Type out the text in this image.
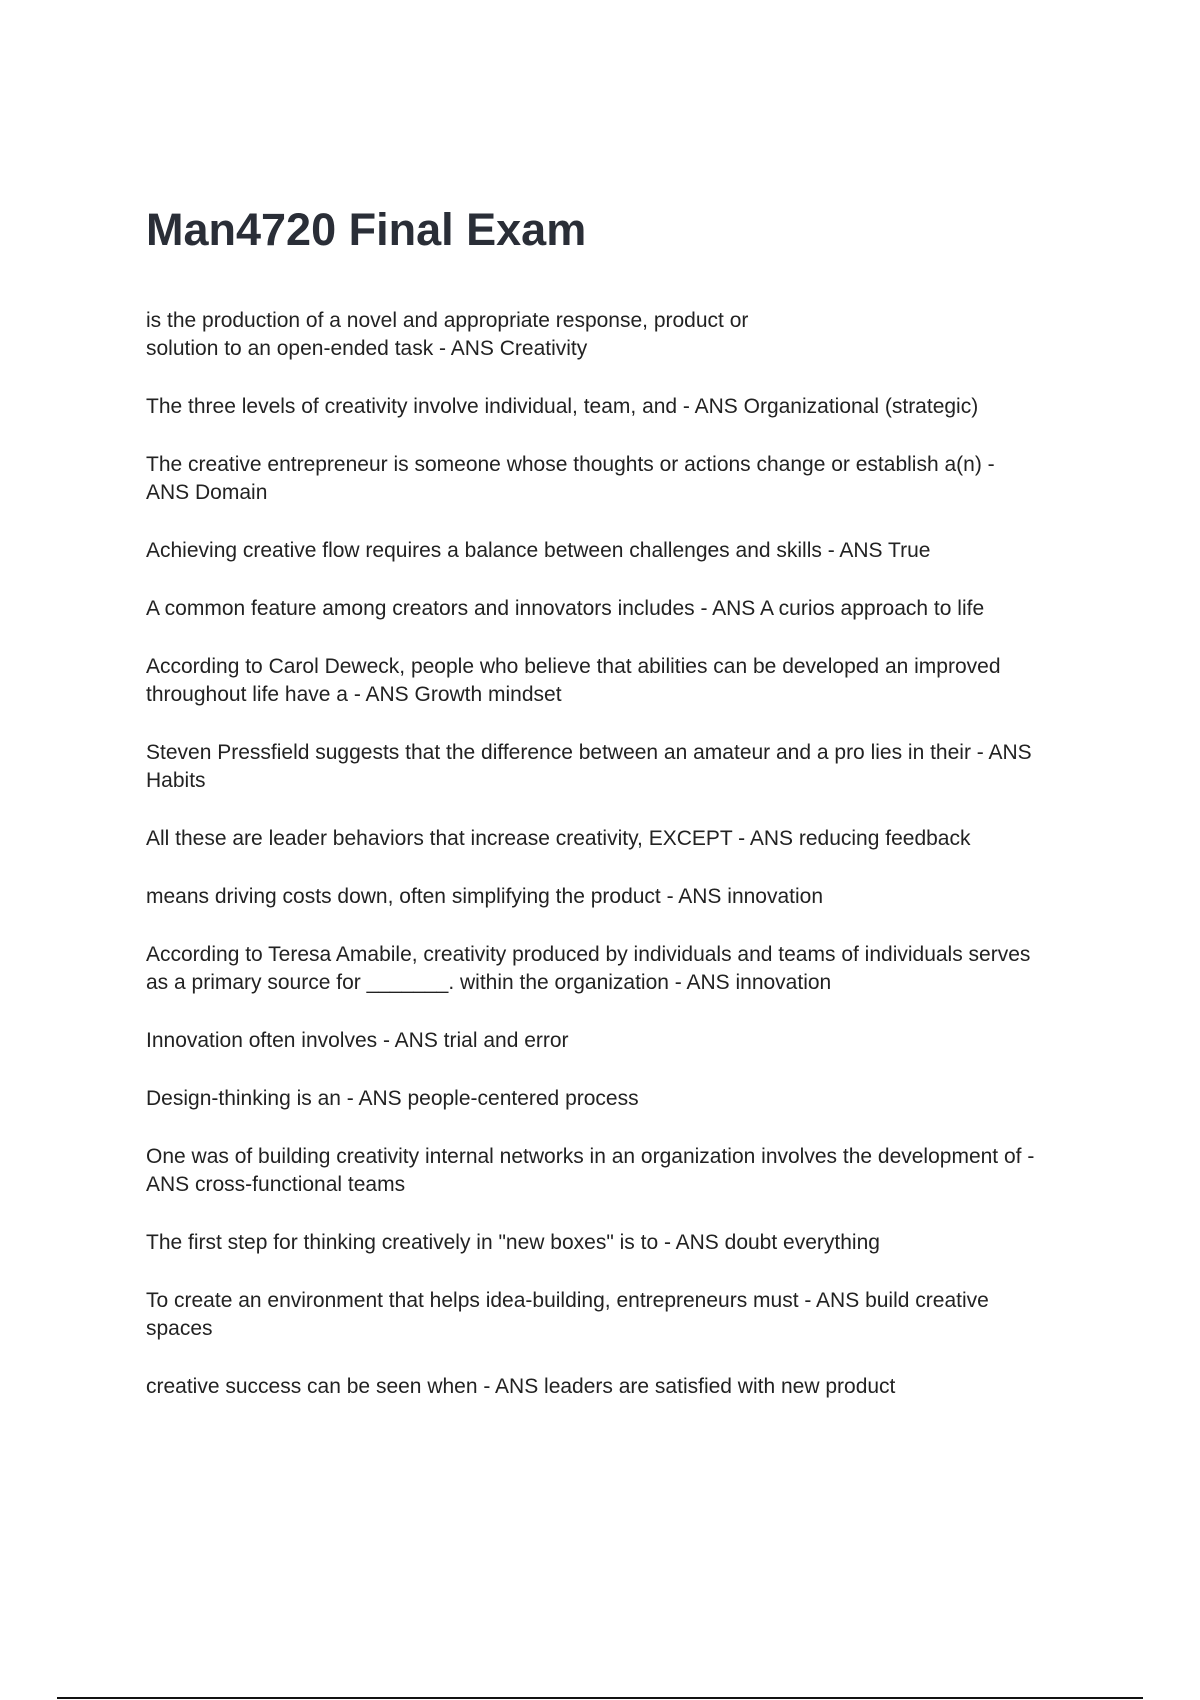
Man4720 Final Exam
is the production of a novel and appropriate response, product or
solution to an open-ended task - ANS Creativity
The three levels of creativity involve individual, team, and - ANS Organizational (strategic)
The creative entrepreneur is someone whose thoughts or actions change or establish a(n) -
ANS Domain
Achieving creative flow requires a balance between challenges and skills - ANS True
A common feature among creators and innovators includes - ANS A curios approach to life
According to Carol Deweck, people who believe that abilities can be developed an improved
throughout life have a - ANS Growth mindset
Steven Pressfield suggests that the difference between an amateur and a pro lies in their - ANS
Habits
All these are leader behaviors that increase creativity, EXCEPT - ANS reducing feedback
means driving costs down, often simplifying the product - ANS innovation
According to Teresa Amabile, creativity produced by individuals and teams of individuals serves
as a primary source for _______. within the organization - ANS innovation
Innovation often involves - ANS trial and error
Design-thinking is an - ANS people-centered process
One was of building creativity internal networks in an organization involves the development of -
ANS cross-functional teams
The first step for thinking creatively in "new boxes" is to - ANS doubt everything
To create an environment that helps idea-building, entrepreneurs must - ANS build creative
spaces
creative success can be seen when - ANS leaders are satisfied with new product
